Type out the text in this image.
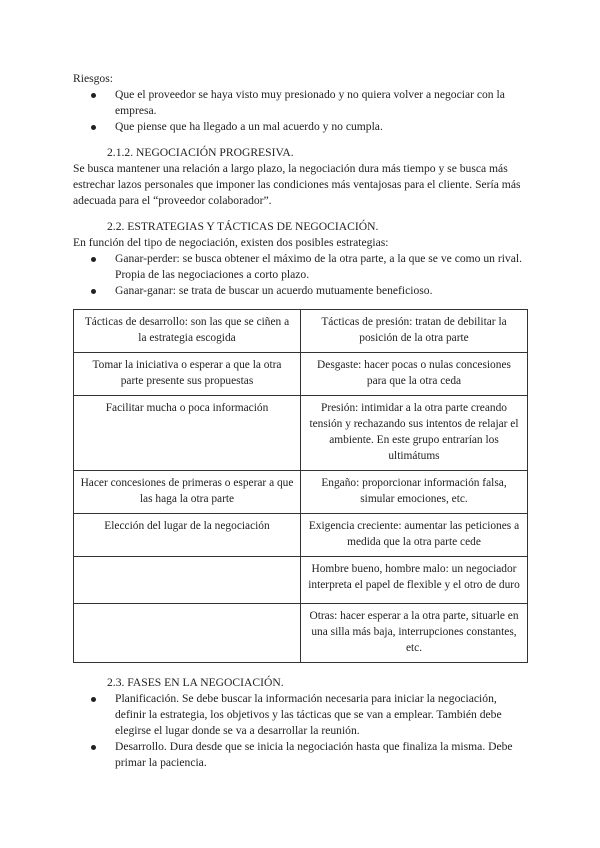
Riesgos:

Que el proveedor se haya visto muy presionado y no quiera volver a negociar con la empresa.
Que piense que ha llegado a un mal acuerdo y no cumpla.

2.1.2. NEGOCIACIÓN PROGRESIVA.

Se busca mantener una relación a largo plazo, la negociación dura más tiempo y se busca más estrechar lazos personales que imponer las condiciones más ventajosas para el cliente. Sería más adecuada para el “proveedor colaborador”.

2.2. ESTRATEGIAS Y TÁCTICAS DE NEGOCIACIÓN.

En función del tipo de negociación, existen dos posibles estrategias:

Ganar-perder: se busca obtener el máximo de la otra parte, a la que se ve como un rival. Propia de las negociaciones a corto plazo.
Ganar-ganar: se trata de buscar un acuerdo mutuamente beneficioso.
Tácticas de desarrollo: son las que se ciñen a la estrategia escogida	Tácticas de presión: tratan de debilitar la posición de la otra parte
Tomar la iniciativa o esperar a que la otra parte presente sus propuestas	Desgaste: hacer pocas o nulas concesiones para que la otra ceda
Facilitar mucha o poca información	Presión: intimidar a la otra parte creando tensión y rechazando sus intentos de relajar el ambiente. En este grupo entrarían los ultimátums
Hacer concesiones de primeras o esperar a que las haga la otra parte	Engaño: proporcionar información falsa, simular emociones, etc.
Elección del lugar de la negociación	Exigencia creciente: aumentar las peticiones a medida que la otra parte cede
	Hombre bueno, hombre malo: un negociador interpreta el papel de flexible y el otro de duro
	Otras: hacer esperar a la otra parte, situarle en una silla más baja, interrupciones constantes, etc.

2.3. FASES EN LA NEGOCIACIÓN.

Planificación. Se debe buscar la información necesaria para iniciar la negociación, definir la estrategia, los objetivos y las tácticas que se van a emplear. También debe elegirse el lugar donde se va a desarrollar la reunión.
Desarrollo. Dura desde que se inicia la negociación hasta que finaliza la misma. Debe primar la paciencia.
